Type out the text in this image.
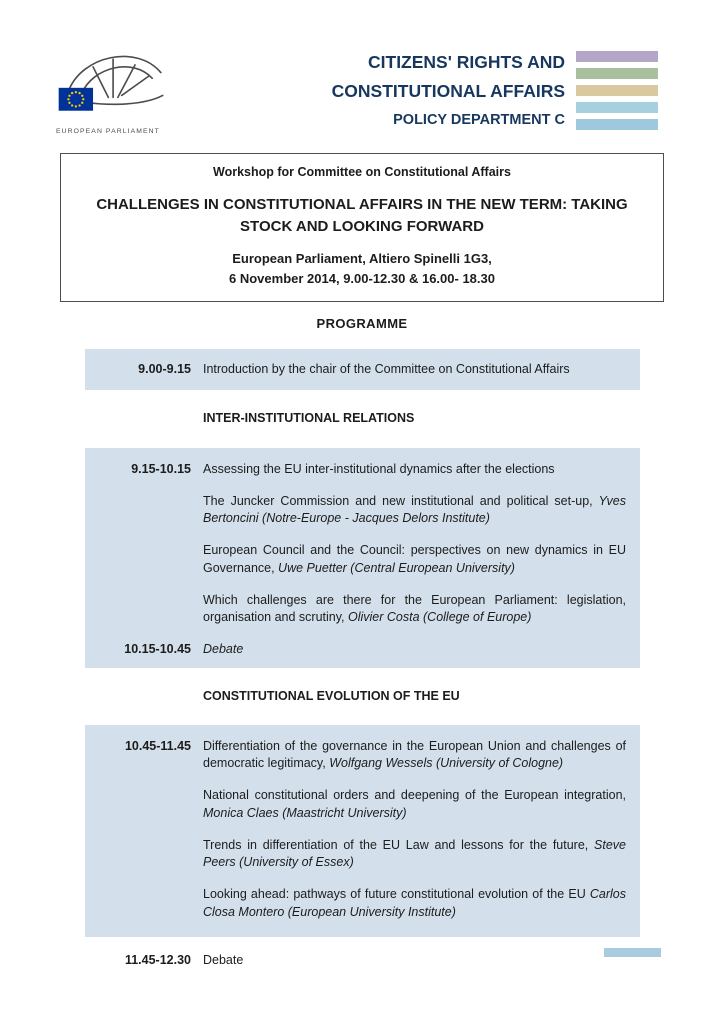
EUROPEAN PARLIAMENT
CITIZENS' RIGHTS AND
CONSTITUTIONAL AFFAIRS
POLICY DEPARTMENT C
Workshop for Committee on Constitutional Affairs
CHALLENGES IN CONSTITUTIONAL AFFAIRS IN THE NEW TERM: TAKING STOCK AND LOOKING FORWARD
European Parliament, Altiero Spinelli 1G3,
6 November 2014, 9.00-12.30 & 16.00- 18.30
PROGRAMME
9.00-9.15 Introduction by the chair of the Committee on Constitutional Affairs

INTER-INSTITUTIONAL RELATIONS
9.15-10.15 Assessing the EU inter-institutional dynamics after the elections

The Juncker Commission and new institutional and political set-up, Yves Bertoncini (Notre-Europe - Jacques Delors Institute)

European Council and the Council: perspectives on new dynamics in EU Governance, Uwe Puetter (Central European University)

Which challenges are there for the European Parliament: legislation, organisation and scrutiny, Olivier Costa (College of Europe)

10.15-10.45 Debate

CONSTITUTIONAL EVOLUTION OF THE EU
10.45-11.45 Differentiation of the governance in the European Union and challenges of democratic legitimacy, Wolfgang Wessels (University of Cologne)

National constitutional orders and deepening of the European integration, Monica Claes (Maastricht University)

Trends in differentiation of the EU Law and lessons for the future, Steve Peers (University of Essex)

Looking ahead: pathways of future constitutional evolution of the EU Carlos Closa Montero (European University Institute)

11.45-12.30 Debate
